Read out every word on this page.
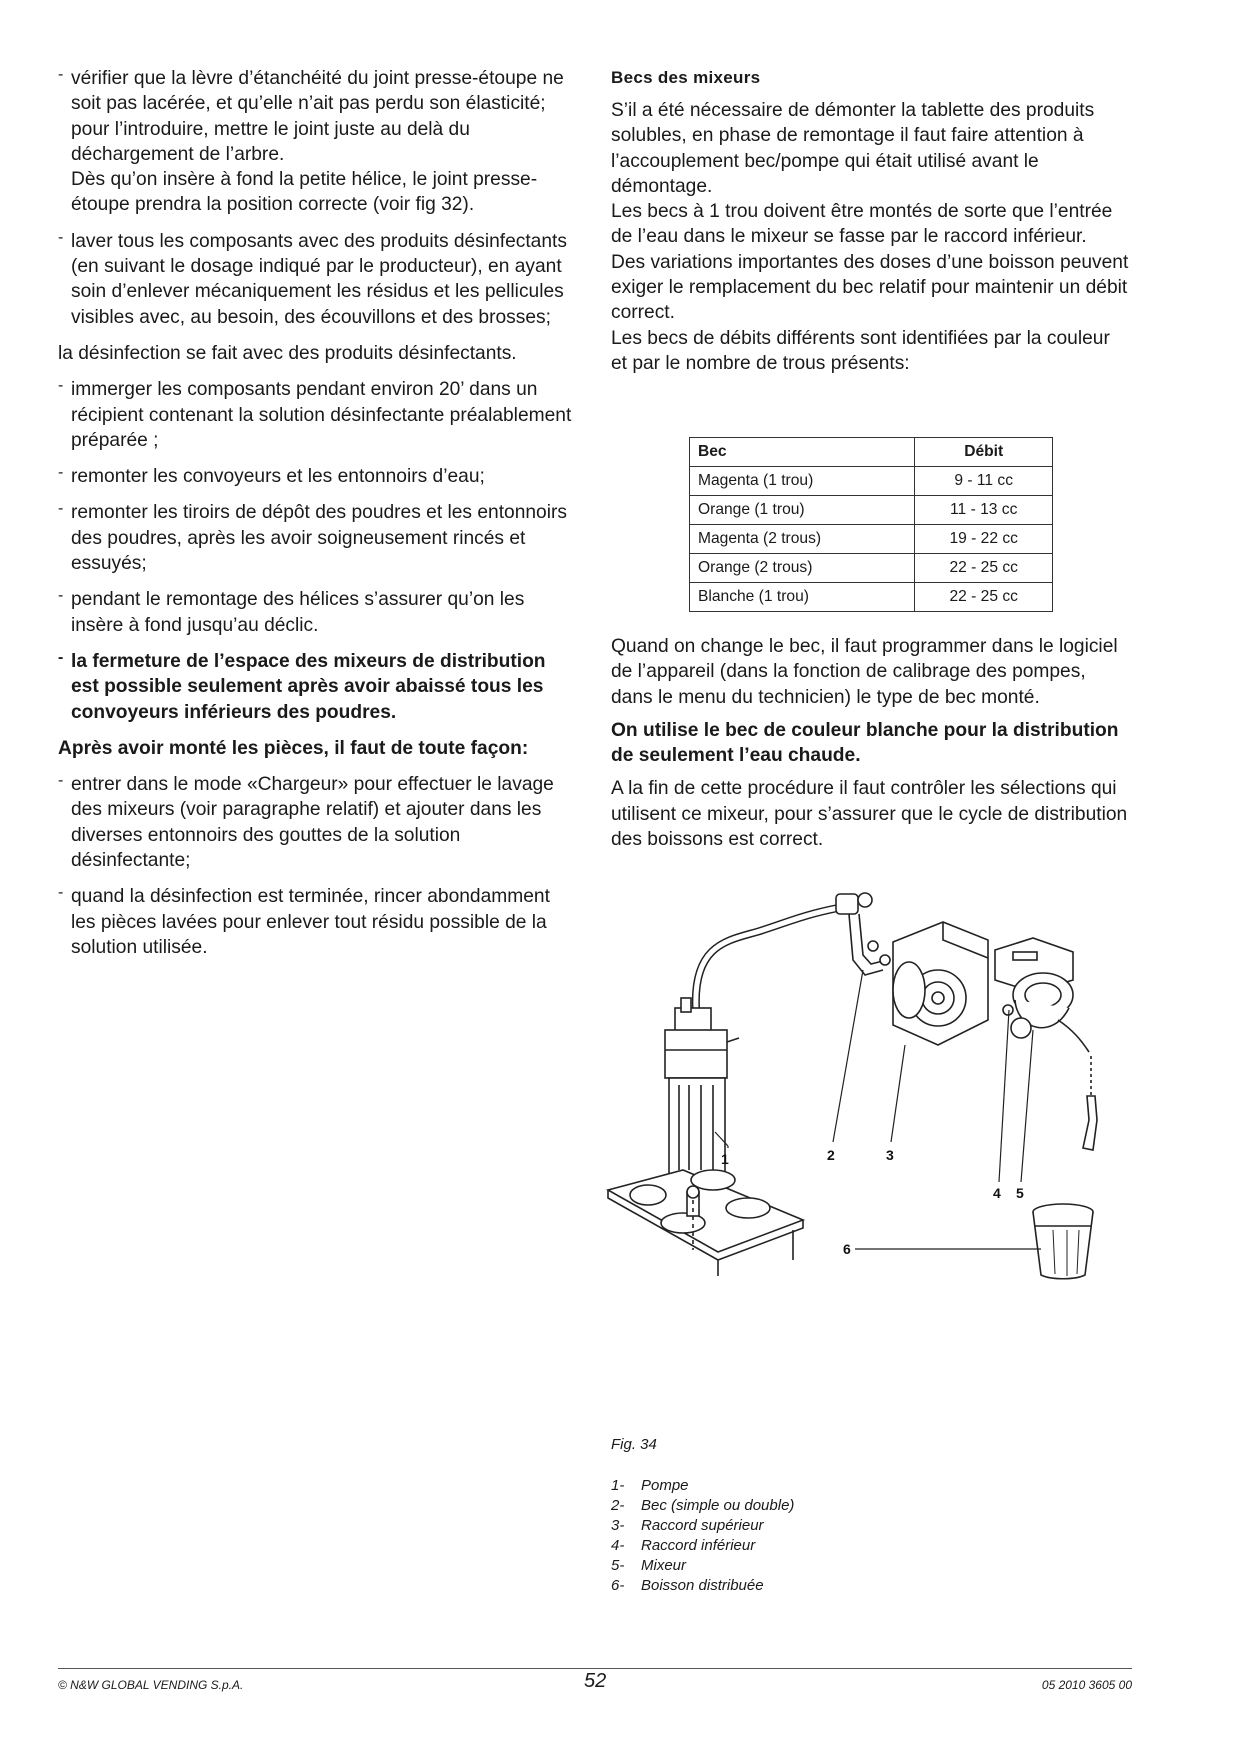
- vérifier que la lèvre d’étanchéité du joint presse-étoupe ne soit pas lacérée, et qu’elle n’ait pas perdu son élasticité; pour l’introduire, mettre le joint juste au delà du déchargement de l’arbre.

Dès qu’on insère à fond la petite hélice, le joint presse-étoupe prendra la position correcte (voir fig 32).

- laver tous les composants avec des produits désinfectants (en suivant le dosage indiqué par le producteur), en ayant soin d’enlever mécaniquement les résidus et les pellicules visibles avec, au besoin, des écouvillons et des brosses;

la désinfection se fait avec des produits désinfectants.

- immerger les composants pendant environ 20’ dans un récipient contenant la solution désinfectante préalablement préparée ;

- remonter les convoyeurs et les entonnoirs d’eau;

- remonter les tiroirs de dépôt des poudres et les entonnoirs des poudres, après les avoir soigneusement rincés et essuyés;

- pendant le remontage des hélices s’assurer qu’on les insère à fond jusqu’au déclic.

- la fermeture de l’espace des mixeurs de distribution est possible seulement après avoir abaissé tous les convoyeurs inférieurs des poudres.

Après avoir monté les pièces, il faut de toute façon:

- entrer dans le mode «Chargeur» pour effectuer le lavage des mixeurs (voir paragraphe relatif) et ajouter dans les diverses entonnoirs des gouttes de la solution désinfectante;

- quand la désinfection est terminée, rincer abondamment les pièces lavées pour enlever tout résidu possible de la solution utilisée.

Becs des mixeurs

S’il a été nécessaire de démonter la tablette des produits solubles, en phase de remontage il faut faire attention à l’accouplement bec/pompe qui était utilisé avant le démontage.

Les becs à 1 trou doivent être montés de sorte que l’entrée de l’eau dans le mixeur se fasse par le raccord inférieur.

Des variations importantes des doses d’une boisson peuvent exiger le remplacement du bec relatif pour maintenir un débit correct.

Les becs de débits différents sont identifiées par la couleur et par le nombre de trous présents:

Bec	Débit
Magenta (1 trou)	9 - 11 cc
Orange (1 trou)	11 - 13 cc
Magenta (2 trous)	19 - 22 cc
Orange (2 trous)	22 - 25 cc
Blanche (1 trou)	22 - 25 cc

Quand on change le bec, il faut programmer dans le logiciel de l’appareil (dans la fonction de calibrage des pompes, dans le menu du technicien) le type de bec monté.

On utilise le bec de couleur blanche pour la distribution de seulement l’eau chaude.

A la fin de cette procédure il faut contrôler les sélections qui utilisent ce mixeur, pour s’assurer que le cycle de distribution des boissons est correct.

1	2	3
4 5
6
Fig. 34
1- Pompe
2- Bec (simple ou double)
3- Raccord supérieur
4- Raccord inférieur
5- Mixeur
6- Boisson distribuée
© N&W GLOBAL VENDING S.p.A.	52	05 2010 3605 00
